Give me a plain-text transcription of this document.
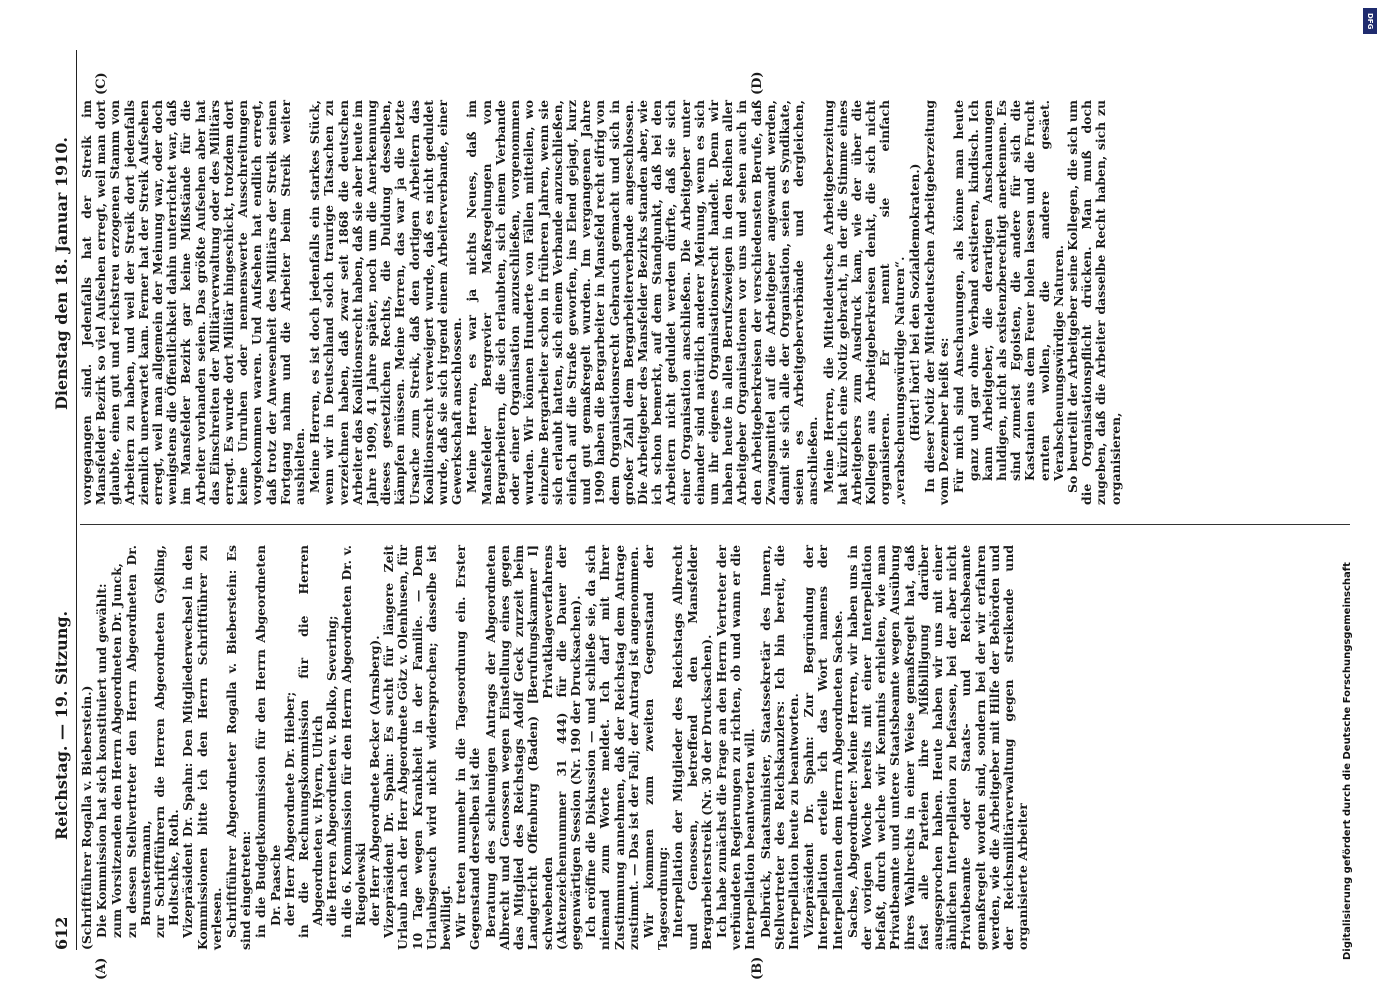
612
Reichstag. — 19. Sitzung.
Dienstag den 18. Januar 1910.
(A)	(B)
(C)	(D)

(Schriftführer Rogalla v. Bieberstein.) Die Kommission hat sich konstituiert und gewählt: zum Vorsitzenden den Herrn Abgeordneten Dr. Junck, zu dessen Stellvertreter den Herrn Abgeordneten Dr. Brunstermann, zur Schriftführern die Herren Abgeordneten Gyßling, Holtschke, Roth. Vizepräsident Dr. Spahn: Den Mitgliederwechsel in den Kommissionen bitte ich den Herrn Schriftführer zu verlesen. Schriftführer Abgeordneter Rogalla v. Bieberstein: Es sind eingetreten: in die Budgetkommission für den Herrn Abgeordneten Dr. Paasche der Herr Abgeordnete Dr. Hieber; in die Rechnungskommission für die Herren Abgeordneten v. Hyern, Ulrich die Herren Abgeordneten v. Bolko, Severing; in die 6. Kommission für den Herrn Abgeordneten Dr. v. Riegolewski der Herr Abgeordnete Becker (Arnsberg). Vizepräsident Dr. Spahn: Es sucht für längere Zeit Urlaub nach der Herr Abgeordnete Götz v. Olenhusen, für 10 Tage wegen Krankheit in der Familie. — Dem Urlaubsgesuch wird nicht widersprochen; dasselbe ist bewilligt. Wir treten nunmehr in die Tagesordnung ein. Erster Gegenstand derselben ist die Beratung des schleunigen Antrags der Abgeordneten Albrecht und Genossen wegen Einstellung eines gegen das Mitglied des Reichstags Adolf Geck zurzeit beim Landgericht Offenburg (Baden) [Berufungskammer I] schwebenden Privatklageverfahrens (Aktenzeichennummer 31 444) für die Dauer der gegenwärtigen Session (Nr. 190 der Drucksachen). Ich eröffne die Diskussion — und schließe sie, da sich niemand zum Worte meldet. Ich darf mit Ihrer Zustimmung annehmen, daß der Reichstag dem Antrage zustimmt. — Das ist der Fall; der Antrag ist angenommen. Wir kommen zum zweiten Gegenstand der Tagesordnung: Interpellation der Mitglieder des Reichstags Albrecht und Genossen, betreffend den Mansfelder Bergarbeiterstreik (Nr. 30 der Drucksachen). Ich habe zunächst die Frage an den Herrn Vertreter der verbündeten Regierungen zu richten, ob und wann er die Interpellation beantworten will. Delbrück, Staatsminister, Staatssekretär des Innern, Stellvertreter des Reichskanzlers: Ich bin bereit, die Interpellation heute zu beantworten. Vizepräsident Dr. Spahn: Zur Begründung der Interpellation erteile ich das Wort namens der Interpellanten dem Herrn Abgeordneten Sachse. Sachse, Abgeordneter: Meine Herren, wir haben uns in der vorigen Woche bereits mit einer Interpellation befaßt, durch welche wir Kenntnis erhielten, wie man Privatbeamte und untere Staatsbeamte wegen Ausübung ihres Wahlrechts in einer Weise gemaßregelt hat, daß fast alle Parteien ihre Mißbilligung darüber ausgesprochen haben. Heute haben wir uns mit einer ähnlichen Interpellation zu befassen, bei der aber nicht Privatbeamte oder Staats- und Reichsbeamte gemaßregelt worden sind, sondern bei der wir erfahren werden, wie die Arbeitgeber mit Hilfe der Behörden und der Reichsmilitärverwaltung gegen streikende und organisierte Arbeiter

vorgegangen sind. Jedenfalls hat der Streik im Mansfelder Bezirk so viel Aufsehen erregt, weil man dort glaubte, einen gut und reichstreu erzogenen Stamm von Arbeitern zu haben, und weil der Streik dort jedenfalls ziemlich unerwartet kam. Ferner hat der Streik Aufsehen erregt, weil man allgemein der Meinung war, oder doch wenigstens die Öffentlichkeit dahin unterrichtet war, daß im Mansfelder Bezirk gar keine Mißstände für die Arbeiter vorhanden seien. Das größte Aufsehen aber hat das Einschreiten der Militärverwaltung oder des Militärs erregt. Es wurde dort Militär hingeschickt, trotzdem dort keine Unruhen oder nennenswerte Ausschreitungen vorgekommen waren. Und Aufsehen hat endlich erregt, daß trotz der Anwesenheit des Militärs der Streik seinen Fortgang nahm und die Arbeiter beim Streik weiter aushielten. Meine Herren, es ist doch jedenfalls ein starkes Stück, wenn wir in Deutschland solch traurige Tatsachen zu verzeichnen haben, daß zwar seit 1868 die deutschen Arbeiter das Koalitionsrecht haben, daß sie aber heute im Jahre 1909, 41 Jahre später, noch um die Anerkennung dieses gesetzlichen Rechts, die Duldung desselben, kämpfen müssen. Meine Herren, das war ja die letzte Ursache zum Streik, daß den dortigen Arbeitern das Koalitionsrecht verweigert wurde, daß es nicht geduldet wurde, daß sie sich irgend einem Arbeiterverbande, einer Gewerkschaft anschlossen. Meine Herren, es war ja nichts Neues, daß im Mansfelder Bergrevier Maßregelungen von Bergarbeitern, die sich erlaubten, sich einem Verbande oder einer Organisation anzuschließen, vorgenommen wurden. Wir können Hunderte von Fällen mitteilen, wo einzelne Bergarbeiter schon in früheren Jahren, wenn sie sich erlaubt hatten, sich einem Verbande anzuschließen, einfach auf die Straße geworfen, ins Elend gejagt, kurz und gut gemaßregelt wurden. Im vergangenen Jahre 1909 haben die Bergarbeiter in Mansfeld recht eifrig von dem Organisationsrecht Gebrauch gemacht und sich in großer Zahl dem Bergarbeiterverbande angeschlossen. Die Arbeitgeber des Mansfelder Bezirks standen aber, wie ich schon bemerkt, auf dem Standpunkt, daß bei den Arbeitern nicht geduldet werden dürfte, daß sie sich einer Organisation anschließen. Die Arbeitgeber unter einander sind natürlich anderer Meinung, wenn es sich um ihr eigenes Organisationsrecht handelt. Denn wir haben heute in allen Berufszweigen in den Reihen aller Arbeitgeber Organisationen vor uns und sehen auch in den Arbeitgeberkreisen der verschiedensten Berufe, daß Zwangsmittel auf die Arbeitgeber angewandt werden, damit sie sich alle der Organisation, seien es Syndikate, seien es Arbeitgeberverbände und dergleichen, anschließen. Meine Herren, die Mitteldeutsche Arbeitgeberzeitung hat kürzlich eine Notiz gebracht, in der die Stimme eines Arbeitgebers zum Ausdruck kam, wie der über die Kollegen aus Arbeitgeberkreisen denkt, die sich nicht organisieren. Er nennt sie einfach „verabscheuungswürdige Naturen“. (Hört! hört! bei den Sozialdemokraten.) In dieser Notiz der Mitteldeutschen Arbeitgeberzeitung vom Dezember heißt es: Für mich sind Anschauungen, als könne man heute ganz und gar ohne Verband existieren, kindisch. Ich kann Arbeitgeber, die derartigen Anschauungen huldigen, nicht als existenzberechtigt anerkennen. Es sind zumeist Egoisten, die andere für sich die Kastanien aus dem Feuer holen lassen und die Frucht ernten wollen, die andere gesäet. Verabscheuungswürdige Naturen. So beurteilt der Arbeitgeber seine Kollegen, die sich um die Organisationspflicht drücken. Man muß doch zugeben, daß die Arbeiter dasselbe Recht haben, sich zu organisieren,

Digitalisierung gefördert durch die Deutsche Forschungsgemeinschaft
DFG
